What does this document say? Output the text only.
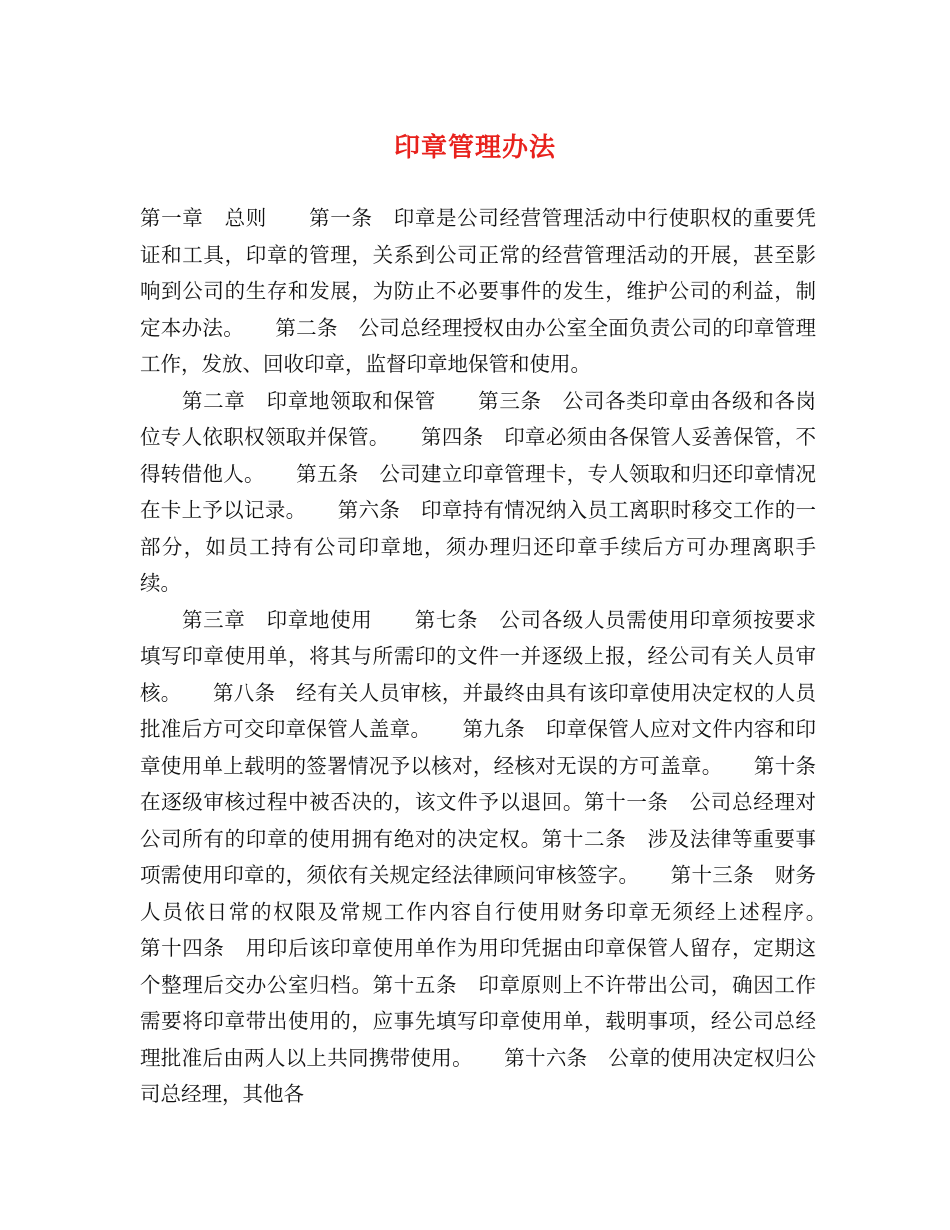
印章管理办法

第一章　总则　　第一条　印章是公司经营管理活动中行使职权的重要凭证和工具，印章的管理，关系到公司正常的经营管理活动的开展，甚至影响到公司的生存和发展，为防止不必要事件的发生，维护公司的利益，制定本办法。　　第二条　公司总经理授权由办公室全面负责公司的印章管理工作，发放、回收印章，监督印章地保管和使用。

第二章　印章地领取和保管　　第三条　公司各类印章由各级和各岗位专人依职权领取并保管。　　第四条　印章必须由各保管人妥善保管，不得转借他人。　　第五条　公司建立印章管理卡，专人领取和归还印章情况在卡上予以记录。　　第六条　印章持有情况纳入员工离职时移交工作的一部分，如员工持有公司印章地，须办理归还印章手续后方可办理离职手续。

第三章　印章地使用　　第七条　公司各级人员需使用印章须按要求填写印章使用单，将其与所需印的文件一并逐级上报，经公司有关人员审核。　　第八条　经有关人员审核，并最终由具有该印章使用决定权的人员批准后方可交印章保管人盖章。　　第九条　印章保管人应对文件内容和印章使用单上载明的签署情况予以核对，经核对无误的方可盖章。　　第十条　在逐级审核过程中被否决的，该文件予以退回。第十一条　公司总经理对公司所有的印章的使用拥有绝对的决定权。第十二条　涉及法律等重要事项需使用印章的，须依有关规定经法律顾问审核签字。　　第十三条　财务人员依日常的权限及常规工作内容自行使用财务印章无须经上述程序。　　第十四条　用印后该印章使用单作为用印凭据由印章保管人留存，定期这个整理后交办公室归档。第十五条　印章原则上不许带出公司，确因工作需要将印章带出使用的，应事先填写印章使用单，载明事项，经公司总经理批准后由两人以上共同携带使用。　　第十六条　公章的使用决定权归公司总经理，其他各
